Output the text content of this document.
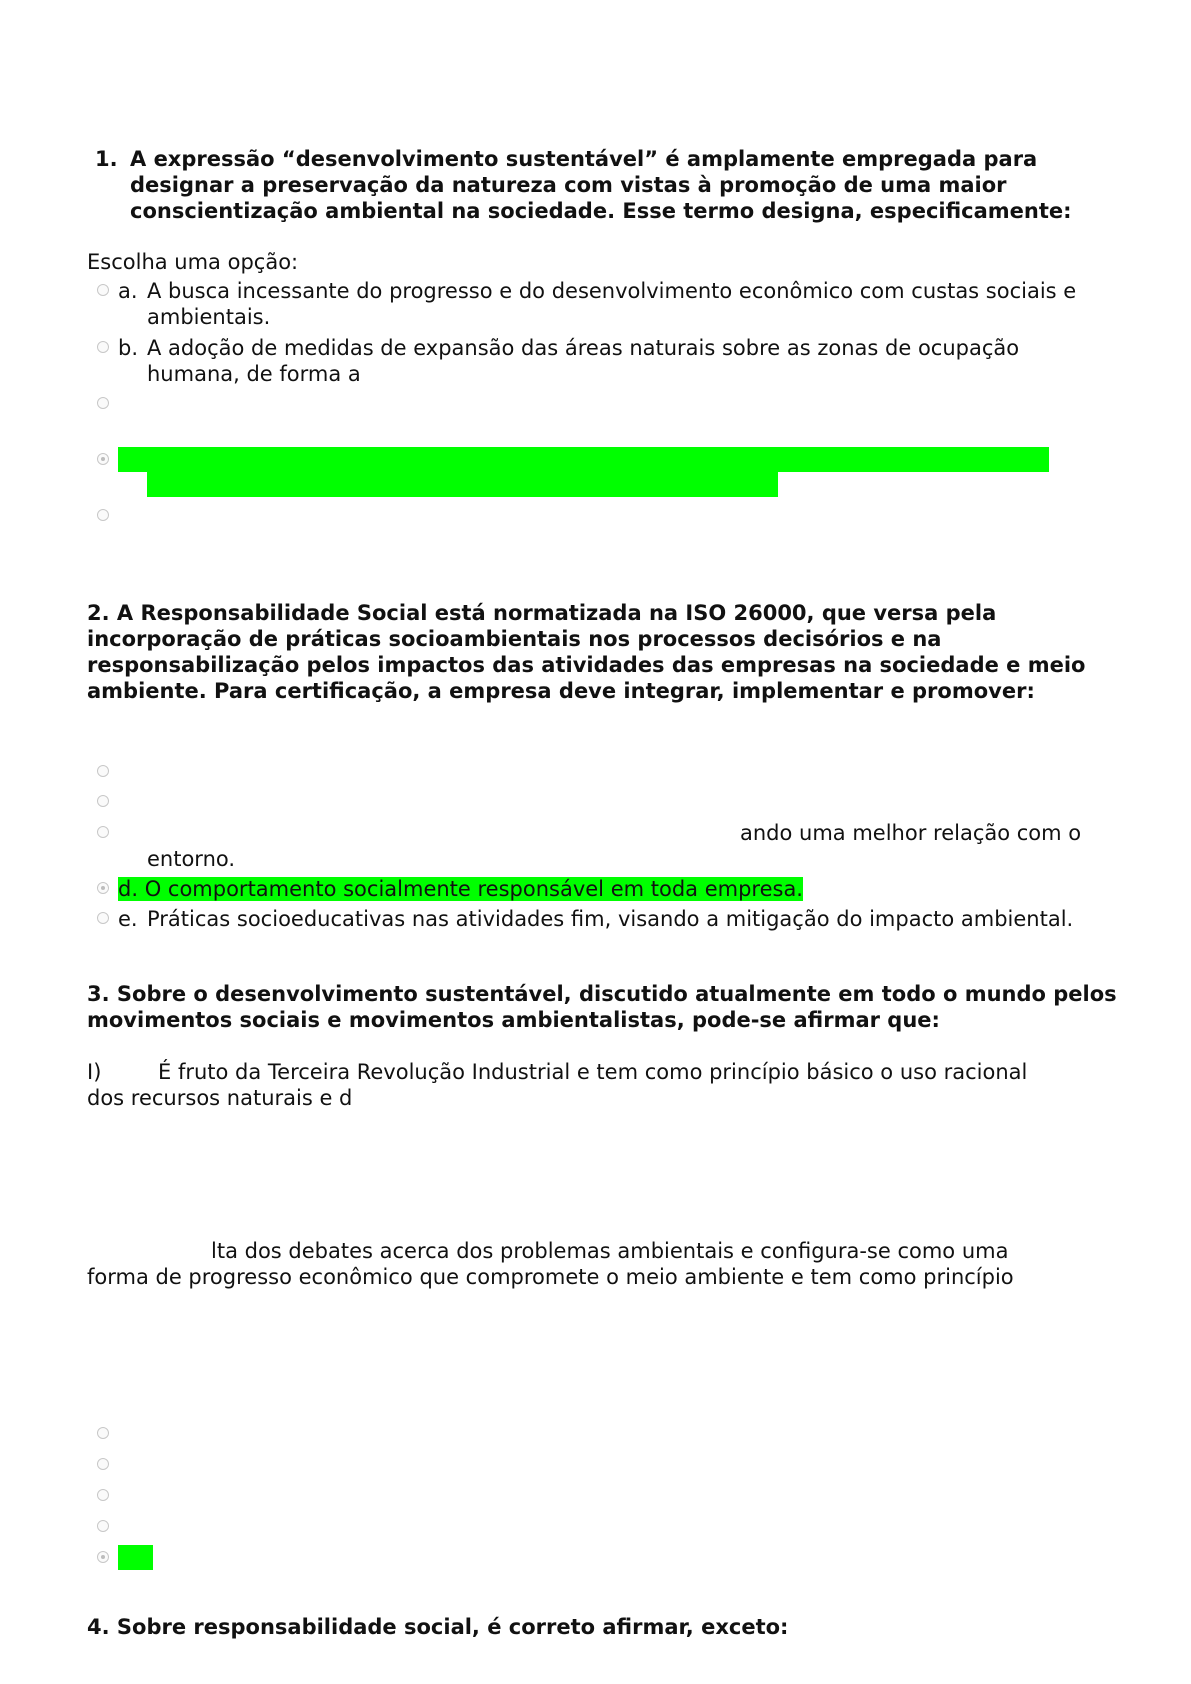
1. A expressão “desenvolvimento sustentável” é amplamente empregada para
designar a preservação da natureza com vistas à promoção de uma maior
conscientização ambiental na sociedade. Esse termo designa, especificamente:
Escolha uma opção:
a. A busca incessante do progresso e do desenvolvimento econômico com custas sociais e
ambientais.
b. A adoção de medidas de expansão das áreas naturais sobre as zonas de ocupação
humana, de forma a
2. A Responsabilidade Social está normatizada na ISO 26000, que versa pela
incorporação de práticas socioambientais nos processos decisórios e na
responsabilização pelos impactos das atividades das empresas na sociedade e meio
ambiente. Para certificação, a empresa deve integrar, implementar e promover:
ando uma melhor relação com o
entorno.
d. O comportamento socialmente responsável em toda empresa.
e. Práticas socioeducativas nas atividades fim, visando a mitigação do impacto ambiental.
3. Sobre o desenvolvimento sustentável, discutido atualmente em todo o mundo pelos
movimentos sociais e movimentos ambientalistas, pode-se afirmar que:
I)	É fruto da Terceira Revolução Industrial e tem como princípio básico o uso racional
dos recursos naturais e d
lta dos debates acerca dos problemas ambientais e configura-se como uma
forma de progresso econômico que compromete o meio ambiente e tem como princípio
4. Sobre responsabilidade social, é correto afirmar, exceto:
